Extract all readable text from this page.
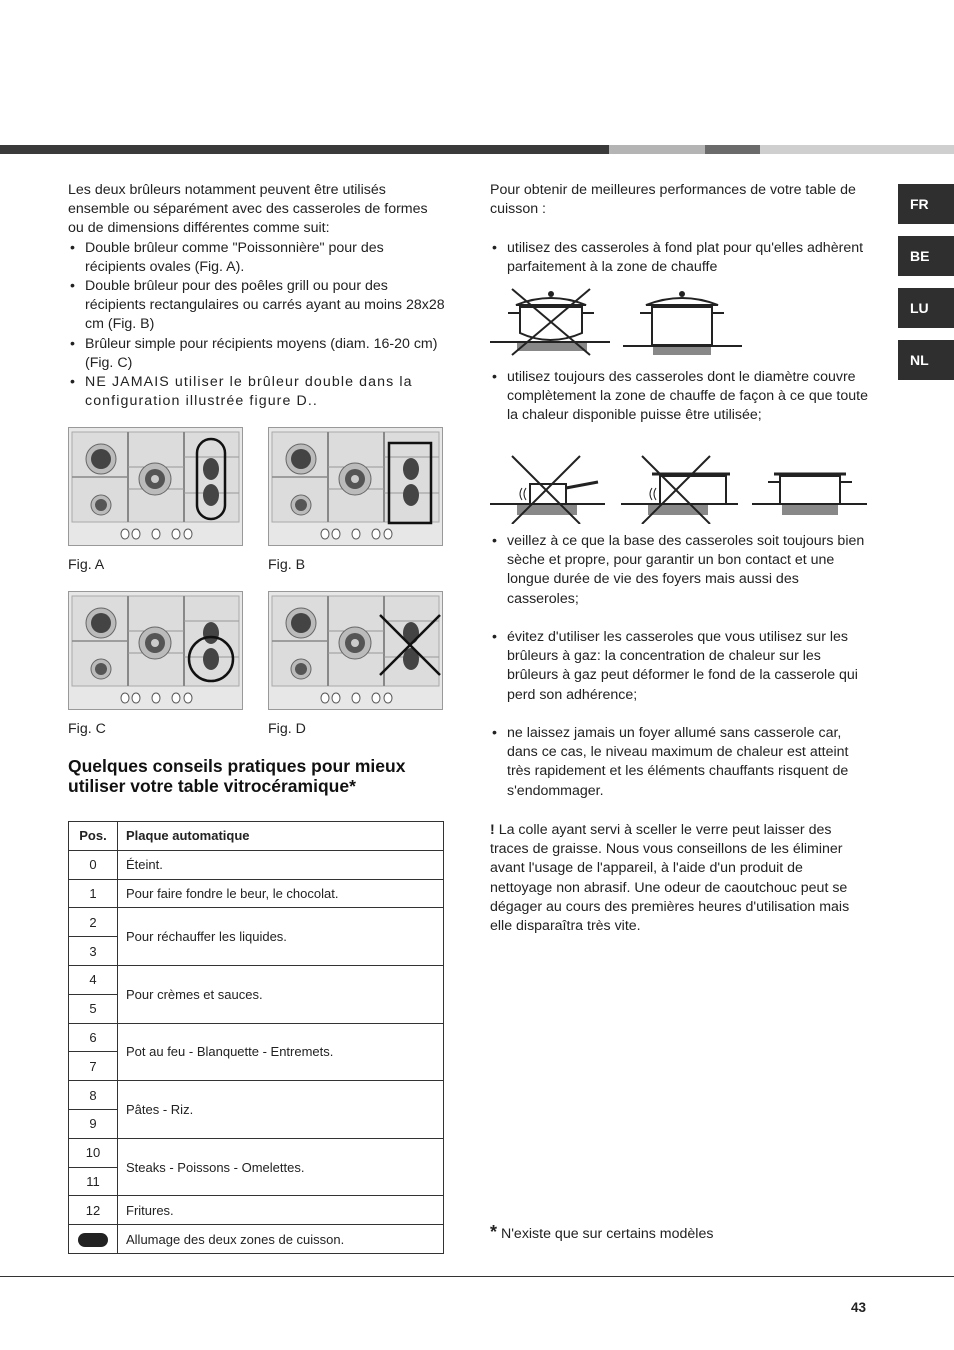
FR
BE
LU
NL

Les deux brûleurs notamment peuvent être utilisés ensemble ou séparément avec des casseroles de formes ou de dimensions différentes comme suit:

• Double brûleur comme "Poissonnière" pour des récipients ovales (Fig. A).
• Double brûleur pour des poêles grill ou pour des récipients rectangulaires ou carrés ayant au moins 28x28 cm (Fig. B)
• Brûleur simple pour récipients moyens (diam. 16-20 cm) (Fig. C)
• NE JAMAIS utiliser le brûleur double dans la configuration illustrée figure D..
Fig. A	Fig. B
Fig. C	Fig. D
Quelques conseils pratiques pour mieux utiliser votre table vitrocéramique*
Pos.	Plaque automatique
0	Éteint.
1	Pour faire fondre le beur, le chocolat.
2	Pour réchauffer les liquides.
3	
4	Pour crèmes et sauces.
5	
6	Pot au feu - Blanquette - Entremets.
7	
8	Pâtes - Riz.
9	
10	Steaks - Poissons - Omelettes.
11	
12	Fritures.
	Allumage des deux zones de cuisson.
Pour obtenir de meilleures performances de votre table de cuisson :
• utilisez des casseroles à fond plat pour qu'elles adhèrent parfaitement à la zone de chauffe
• utilisez toujours des casseroles dont le diamètre couvre complètement la zone de chauffe de façon à ce que toute la chaleur disponible puisse être utilisée;
• veillez à ce que la base des casseroles soit toujours bien sèche et propre, pour garantir un bon contact et une longue durée de vie des foyers mais aussi des casseroles;
• évitez d'utiliser les casseroles que vous utilisez sur les brûleurs à gaz: la concentration de chaleur sur les brûleurs à gaz peut déformer le fond de la casserole qui perd son adhérence;
• ne laissez jamais un foyer allumé sans casserole car, dans ce cas, le niveau maximum de chaleur est atteint très rapidement et les éléments chauffants risquent de s'endommager.
! La colle ayant servi à sceller le verre peut laisser des traces de graisse. Nous vous conseillons de les éliminer avant l'usage de l'appareil, à l'aide d'un produit de nettoyage non abrasif. Une odeur de caoutchouc peut se dégager au cours des premières heures d'utilisation mais elle disparaîtra très vite.
* N'existe que sur certains modèles
43
